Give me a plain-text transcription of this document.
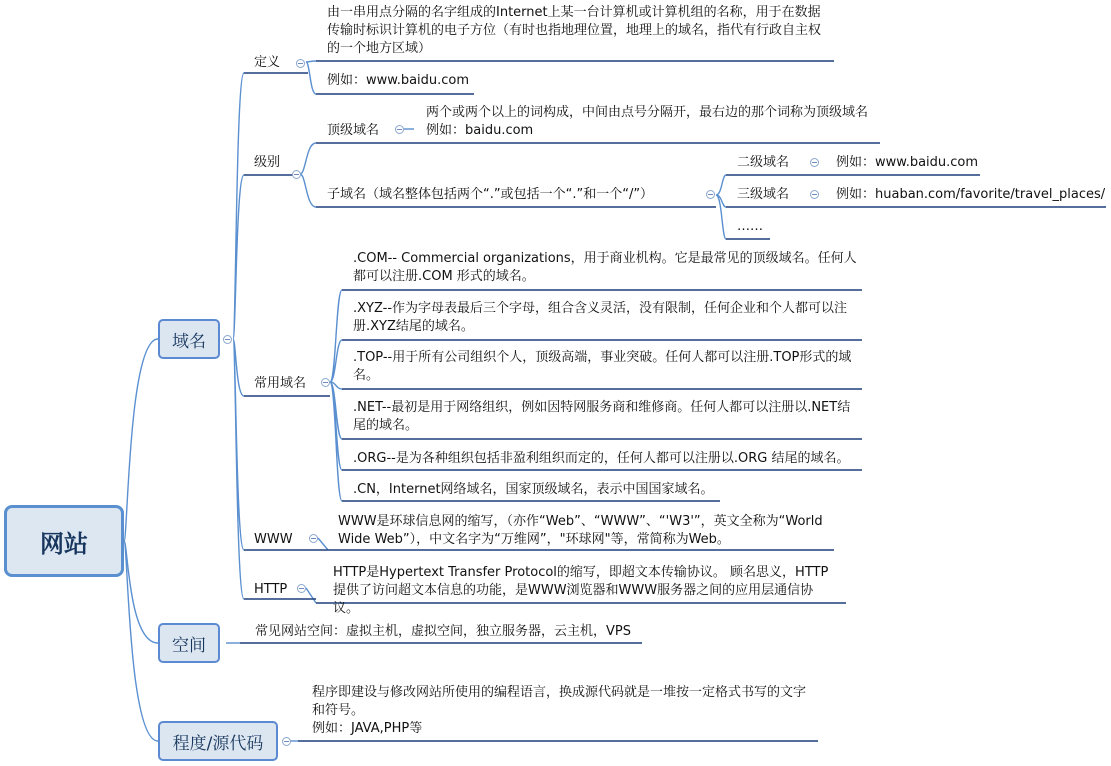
网站
域名
空间
程度/源代码
定义
由一串用点分隔的名字组成的Internet上某一台计算机或计算机组的名称，用于在数据传输时标识计算机的电子方位（有时也指地理位置，地理上的域名，指代有行政自主权的一个地方区域）
例如：www.baidu.com
级别
顶级域名
两个或两个以上的词构成，中间由点号分隔开，最右边的那个词称为顶级域名
例如：baidu.com
子域名（域名整体包括两个“.”或包括一个“.”和一个“/”）
二级域名	例如：www.baidu.com
三级域名	例如：huaban.com/favorite/travel_places/
……
常用域名
.COM-- Commercial organizations，用于商业机构。它是最常见的顶级域名。任何人都可以注册.COM 形式的域名。
.XYZ--作为字母表最后三个字母，组合含义灵活，没有限制，任何企业和个人都可以注册.XYZ结尾的域名。
.TOP--用于所有公司组织个人，顶级高端，事业突破。任何人都可以注册.TOP形式的域名。
.NET--最初是用于网络组织，例如因特网服务商和维修商。任何人都可以注册以.NET结尾的域名。
.ORG--是为各种组织包括非盈利组织而定的，任何人都可以注册以.ORG 结尾的域名。
.CN，Internet网络域名，国家顶级域名，表示中国国家域名。
WWW
WWW是环球信息网的缩写，（亦作“Web”、“WWW”、“'W3'”，英文全称为“World Wide Web”），中文名字为“万维网”，"环球网"等，常简称为Web。
HTTP
HTTP是Hypertext Transfer Protocol的缩写，即超文本传输协议。 顾名思义，HTTP提供了访问超文本信息的功能，是WWW浏览器和WWW服务器之间的应用层通信协议。
常见网站空间：虚拟主机，虚拟空间，独立服务器，云主机，VPS
程序即建设与修改网站所使用的编程语言，换成源代码就是一堆按一定格式书写的文字和符号。
例如：JAVA,PHP等
